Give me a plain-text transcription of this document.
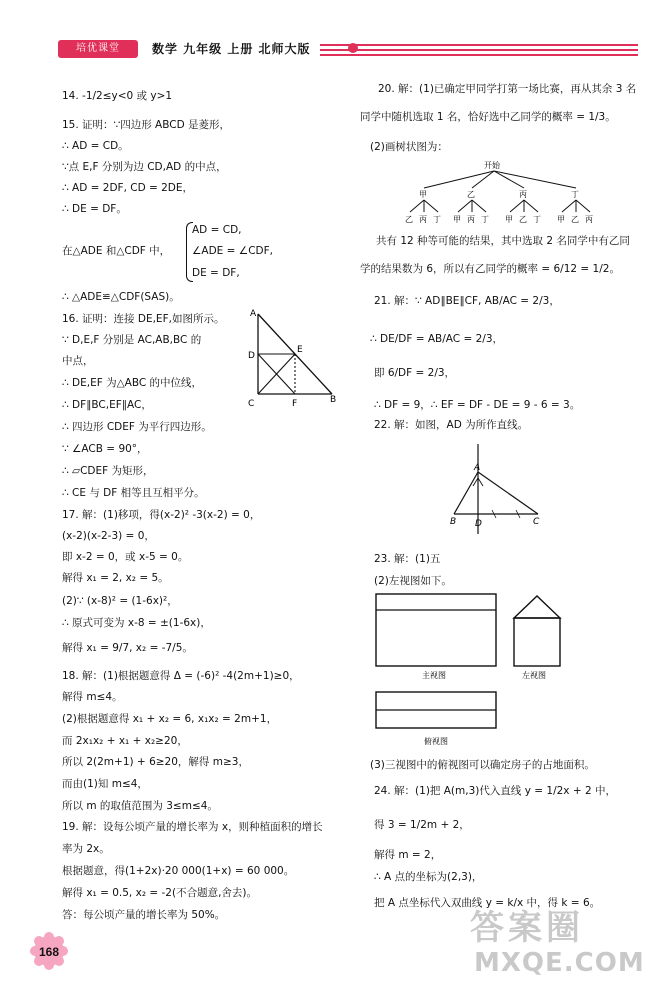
培优课堂	数学 九年级 上册 北师大版

14. -1/2≤y<0 或 y>1

15. 证明：∵四边形 ABCD 是菱形，

∴ AD = CD。

∵点 E,F 分别为边 CD,AD 的中点，

∴ AD = 2DF, CD = 2DE，

∴ DE = DF。

AD = CD,

在△ADE 和△CDF 中， ∠ADE = ∠CDF,

DE = DF,

∴ △ADE≌△CDF(SAS)。

16. 证明：连接 DE,EF,如图所示。

∵ D,E,F 分别是 AC,AB,BC 的

中点，

∴ DE,EF 为△ABC 的中位线，

∴ DF∥BC,EF∥AC，

∴ 四边形 CDEF 为平行四边形。

∵ ∠ACB = 90°，

∴ ▱CDEF 为矩形，

∴ CE 与 DF 相等且互相平分。

17. 解：(1)移项，得(x-2)² -3(x-2) = 0，

(x-2)(x-2-3) = 0，

即 x-2 = 0，或 x-5 = 0。

解得 x₁ = 2, x₂ = 5。

(2)∵ (x-8)² = (1-6x)²，

∴ 原式可变为 x-8 = ±(1-6x)，

解得 x₁ = 9/7, x₂ = -7/5。

18. 解：(1)根据题意得 Δ = (-6)² -4(2m+1)≥0，

解得 m≤4。

(2)根据题意得 x₁ + x₂ = 6, x₁x₂ = 2m+1，

而 2x₁x₂ + x₁ + x₂≥20，

所以 2(2m+1) + 6≥20，解得 m≥3，

而由(1)知 m≤4，

所以 m 的取值范围为 3≤m≤4。

19. 解：设每公顷产量的增长率为 x，则种植面积的增长

率为 2x。

根据题意，得(1+2x)·20 000(1+x) = 60 000。

解得 x₁ = 0.5, x₂ = -2(不合题意,舍去)。

答：每公顷产量的增长率为 50%。

A
D
E
C	F	B

20. 解：(1)已确定甲同学打第一场比赛，再从其余 3 名

同学中随机选取 1 名，恰好选中乙同学的概率 = 1/3。

(2)画树状图为：

共有 12 种等可能的结果，其中选取 2 名同学中有乙同

学的结果数为 6，所以有乙同学的概率 = 6/12 = 1/2。

21. 解：∵ AD∥BE∥CF, AB/AC = 2/3，

∴ DE/DF = AB/AC = 2/3，

即 6/DF = 2/3，

∴ DF = 9，∴ EF = DF - DE = 9 - 6 = 3。

22. 解：如图，AD 为所作直线。

23. 解：(1)五

(2)左视图如下。

(3)三视图中的俯视图可以确定房子的占地面积。

24. 解：(1)把 A(m,3)代入直线 y = 1/2x + 2 中，

得 3 = 1/2m + 2，

解得 m = 2，

∴ A 点的坐标为(2,3)，

把 A 点坐标代入双曲线 y = k/x 中，得 k = 6。

开始
甲	乙	丙	丁
乙 丙 丁 甲 丙 丁 甲 乙 丁 甲 乙 丙
A
B D	C
主视图	左视图
俯视图
168
答案圈
MXQE.COM
